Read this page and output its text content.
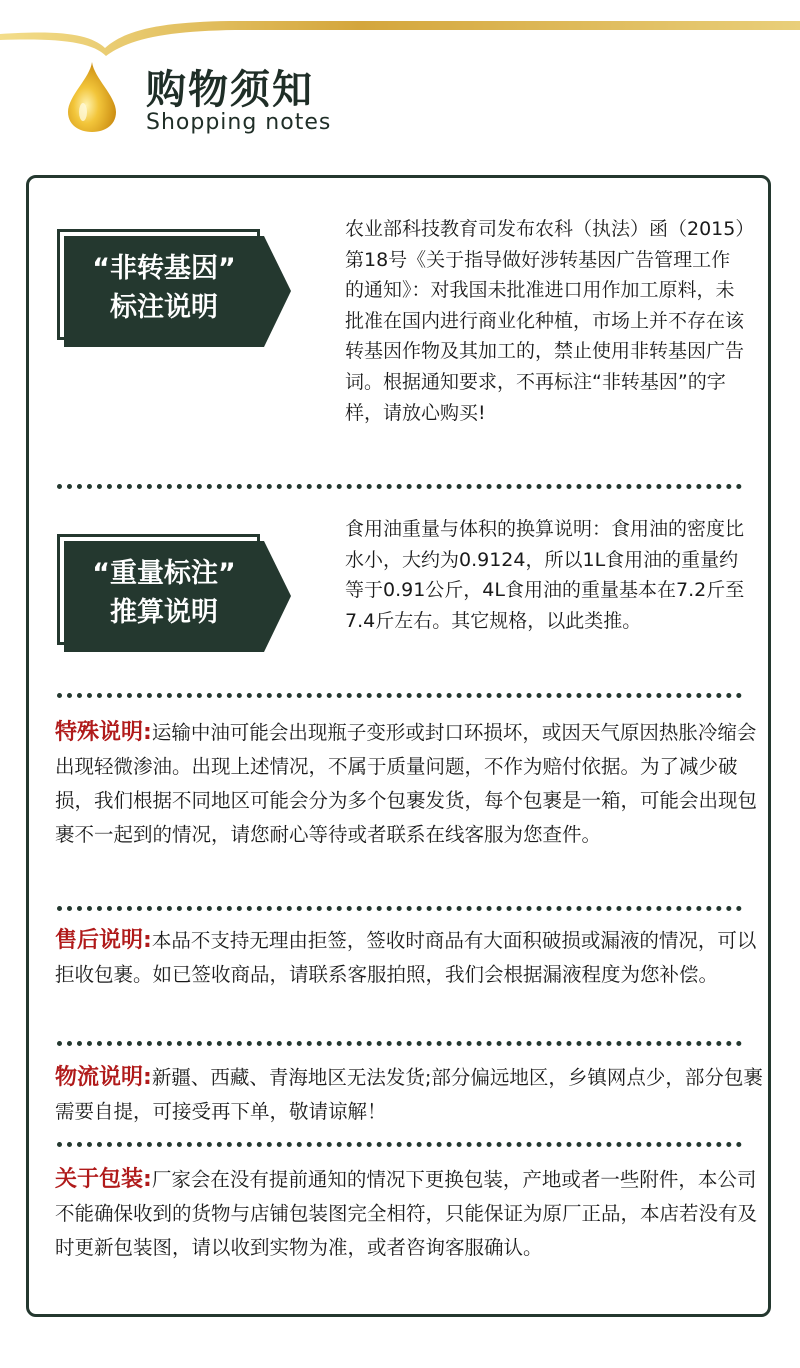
购物须知
Shopping notes
“非转基因”
标注说明

农业部科技教育司发布农科（执法）函（2015）第18号《关于指导做好涉转基因广告管理工作的通知》：对我国未批准进口用作加工原料，未批准在国内进行商业化种植，市场上并不存在该转基因作物及其加工的，禁止使用非转基因广告词。根据通知要求，不再标注“非转基因”的字样，请放心购买!

“重量标注”
推算说明

食用油重量与体积的换算说明：食用油的密度比水小，大约为0.9124，所以1L食用油的重量约等于0.91公斤，4L食用油的重量基本在7.2斤至7.4斤左右。其它规格，以此类推。

特殊说明:运输中油可能会出现瓶子变形或封口环损坏，或因天气原因热胀冷缩会出现轻微渗油。出现上述情况，不属于质量问题，不作为赔付依据。为了减少破损，我们根据不同地区可能会分为多个包裹发货，每个包裹是一箱，可能会出现包裹不一起到的情况，请您耐心等待或者联系在线客服为您查件。

售后说明:本品不支持无理由拒签，签收时商品有大面积破损或漏液的情况，可以拒收包裹。如已签收商品，请联系客服拍照，我们会根据漏液程度为您补偿。

物流说明:新疆、西藏、青海地区无法发货;部分偏远地区，乡镇网点少，部分包裹需要自提，可接受再下单，敬请谅解！

关于包装:厂家会在没有提前通知的情况下更换包装，产地或者一些附件，本公司不能确保收到的货物与店铺包装图完全相符，只能保证为原厂正品，本店若没有及时更新包装图，请以收到实物为准，或者咨询客服确认。
